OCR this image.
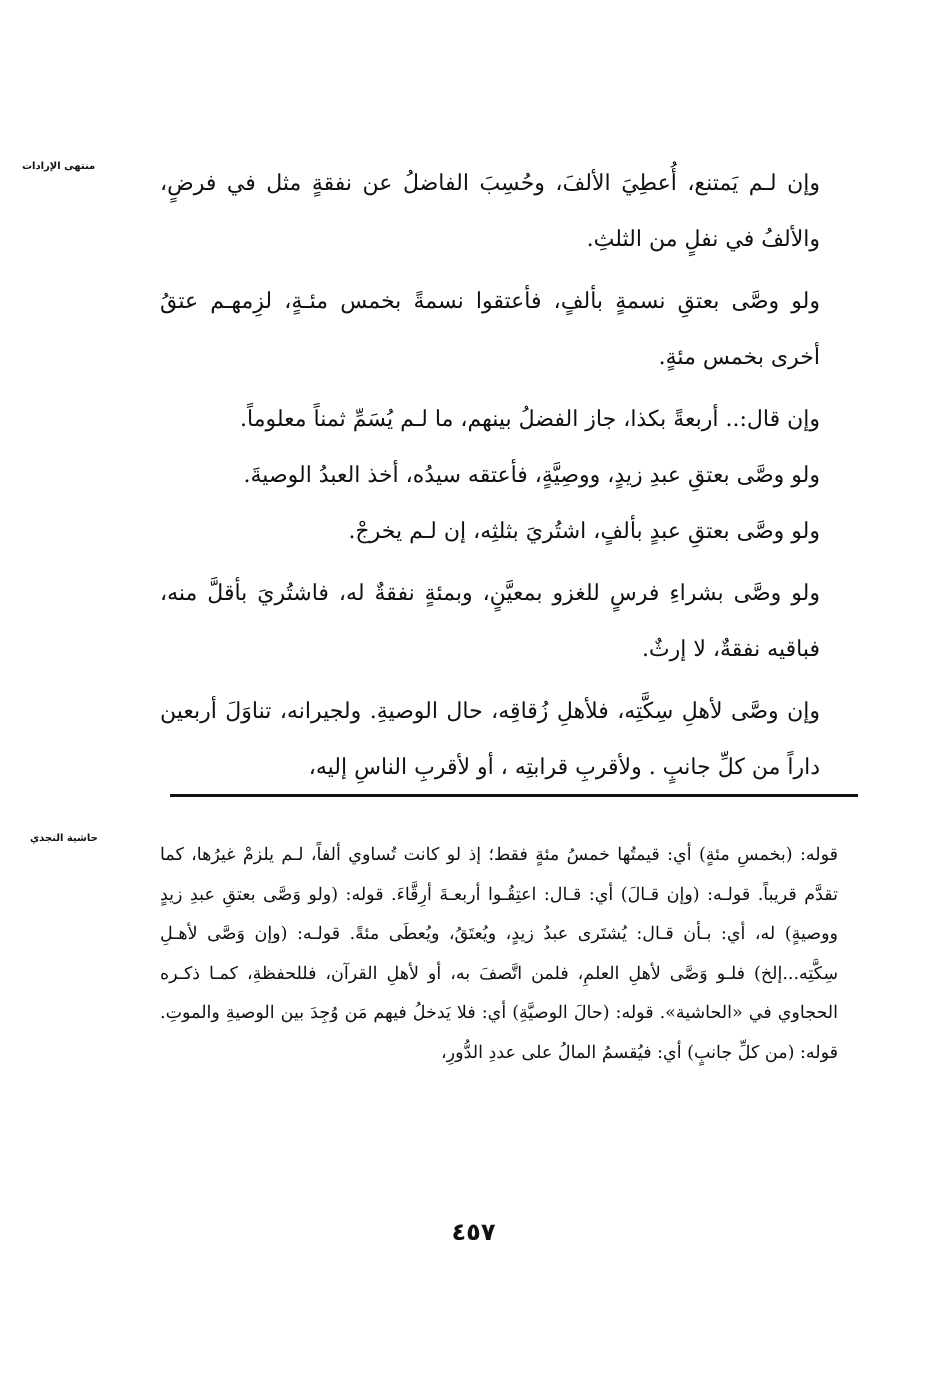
منتهى الإرادات

وإن لـم يَمتنع، أُعطِيَ الألفَ، وحُسِبَ الفاضلُ عن نفقةٍ مثل في فرضٍ، والألفُ في نفلٍ من الثلثِ.

ولو وصَّى بعتقِ نسمةٍ بألفٍ، فأعتقوا نسمةً بخمس مئـةٍ، لزِمهـم عتقُ أخرى بخمس مئةٍ.

وإن قال:.. أربعةً بكذا، جاز الفضلُ بينهم، ما لـم يُسَمِّ ثمناً معلوماً.

ولو وصَّى بعتقِ عبدِ زيدٍ، ووصِيَّةٍ، فأعتقه سيدُه، أخذ العبدُ الوصيةَ.

ولو وصَّى بعتقِ عبدٍ بألفٍ، اشتُريَ بثلثِه، إن لـم يخرجْ.

ولو وصَّى بشراءِ فرسٍ للغزو بمعيَّنٍ، وبمئةٍ نفقةٌ له، فاشتُريَ بأقلَّ منه، فباقيه نفقةٌ، لا إرثٌ.

وإن وصَّى لأهلِ سِكَّتِه، فلأهلِ زُقاقِه، حال الوصيةِ. ولجيرانه، تناوَلَ أربعين داراً من كلِّ جانبٍ . ولأقربِ قرابتِه ، أو لأقربِ الناسِ إليه،

حاشية النجدي

قوله: (بخمسِ مئةٍ) أي: قيمتُها خمسُ مئةٍ فقط؛ إذ لو كانت تُساوي ألفاً، لـم يلزمْ غيرُها، كما تقدَّم قريباً. قولـه: (وإن قـالَ) أي: قـال: اعتِقُـوا أربعـةَ أرِقَّاءَ. قوله: (ولو وَصَّى بعتقِ عبدِ زيدٍ ووصيةٍ) له، أي: بـأن قـال: يُشتَرى عبدُ زيدٍ، ويُعتَقُ، ويُعطَى مئةً. قولـه: (وإن وَصَّى لأهـلِ سِكَّتِه...إلخ) فلـو وَصَّى لأهلِ العلمِ، فلمن اتَّصفَ به، أو لأهلِ القرآن، فللحفظةِ، كمـا ذكـره الحجاوي في «الحاشية». قوله: (حالَ الوصيَّةِ) أي: فلا يَدخلُ فيهم مَن وُجِدَ بين الوصيةِ والموتِ. قوله: (من كلِّ جانبٍ) أي: فيُقسمُ المالُ على عددِ الدُّورِ،

٤٥٧
